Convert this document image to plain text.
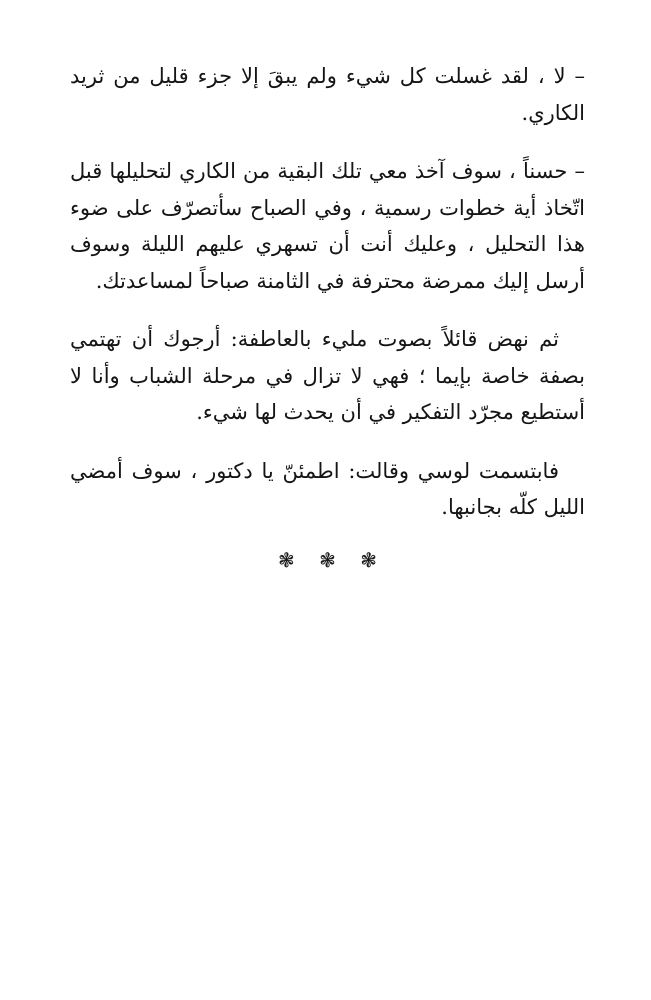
– لا ، لقد غسلت كل شيء ولم يبقَ إلا جزء قليل من ثريد الكاري.

– حسناً ، سوف آخذ معي تلك البقية من الكاري لتحليلها قبل اتّخاذ أية خطوات رسمية ، وفي الصباح سأتصرّف على ضوء هذا التحليل ، وعليك أنت أن تسهري عليهم الليلة وسوف أرسل إليك ممرضة محترفة في الثامنة صباحاً لمساعدتك.

ثم نهض قائلاً بصوت مليء بالعاطفة: أرجوك أن تهتمي بصفة خاصة بإيما ؛ فهي لا تزال في مرحلة الشباب وأنا لا أستطيع مجرّد التفكير في أن يحدث لها شيء.

فابتسمت لوسي وقالت: اطمئنّ يا دكتور ، سوف أمضي الليل كلّه بجانبها.

❃ ❃ ❃
